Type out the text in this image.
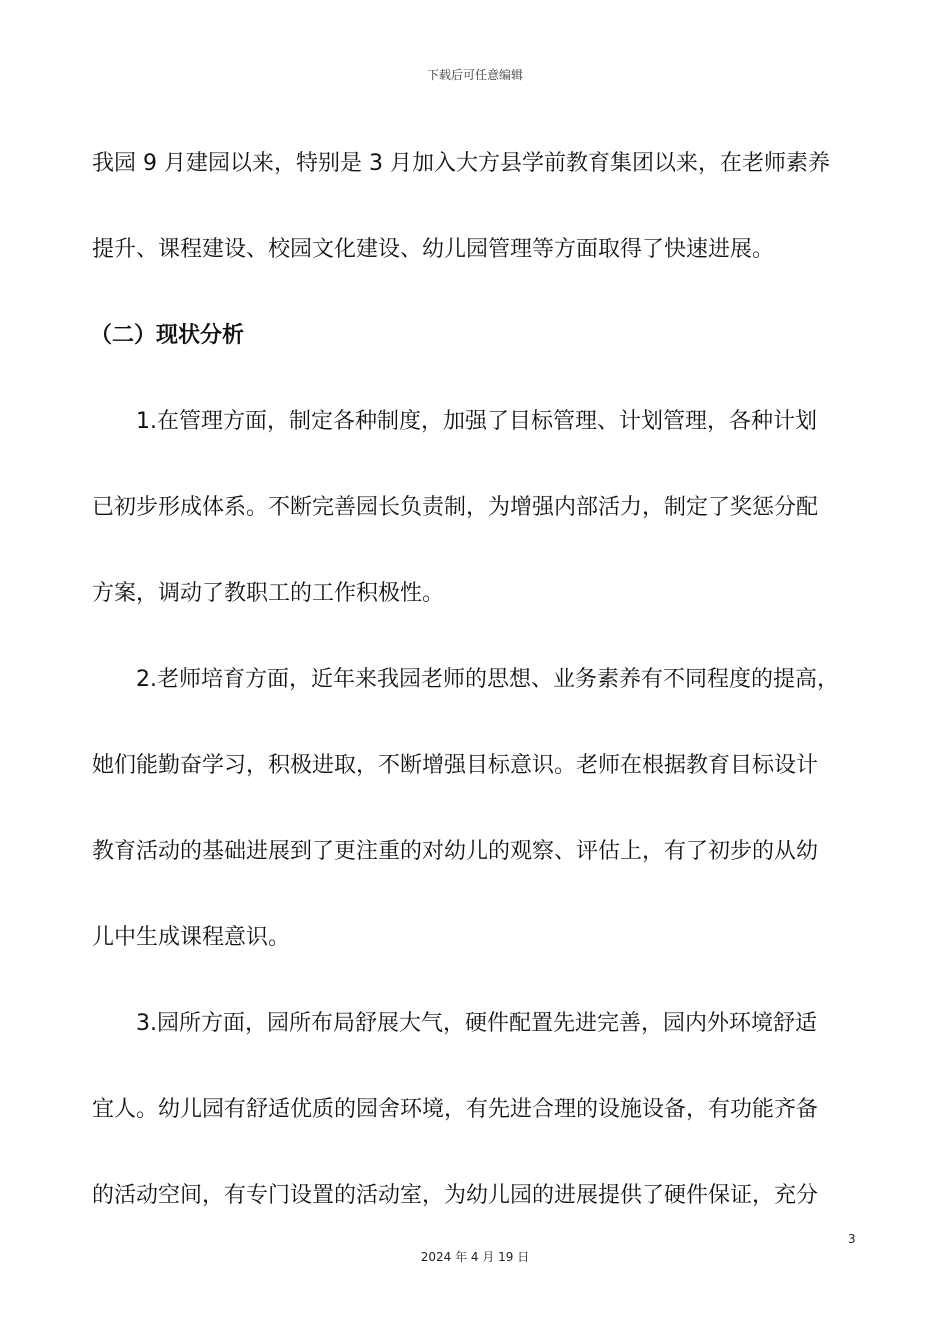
下载后可任意编辑
我园 9 月建园以来，特别是 3 月加入大方县学前教育集团以来，在老师素养
提升、课程建设、校园文化建设、幼儿园管理等方面取得了快速进展。
（二）现状分析
1.在管理方面，制定各种制度，加强了目标管理、计划管理，各种计划
已初步形成体系。不断完善园长负责制，为增强内部活力，制定了奖惩分配
方案，调动了教职工的工作积极性。
2.老师培育方面，近年来我园老师的思想、业务素养有不同程度的提高，
她们能勤奋学习，积极进取，不断增强目标意识。老师在根据教育目标设计
教育活动的基础进展到了更注重的对幼儿的观察、评估上，有了初步的从幼
儿中生成课程意识。
3.园所方面，园所布局舒展大气，硬件配置先进完善，园内外环境舒适
宜人。幼儿园有舒适优质的园舍环境，有先进合理的设施设备，有功能齐备
的活动空间，有专门设置的活动室，为幼儿园的进展提供了硬件保证，充分
3
2024 年 4 月 19 日
